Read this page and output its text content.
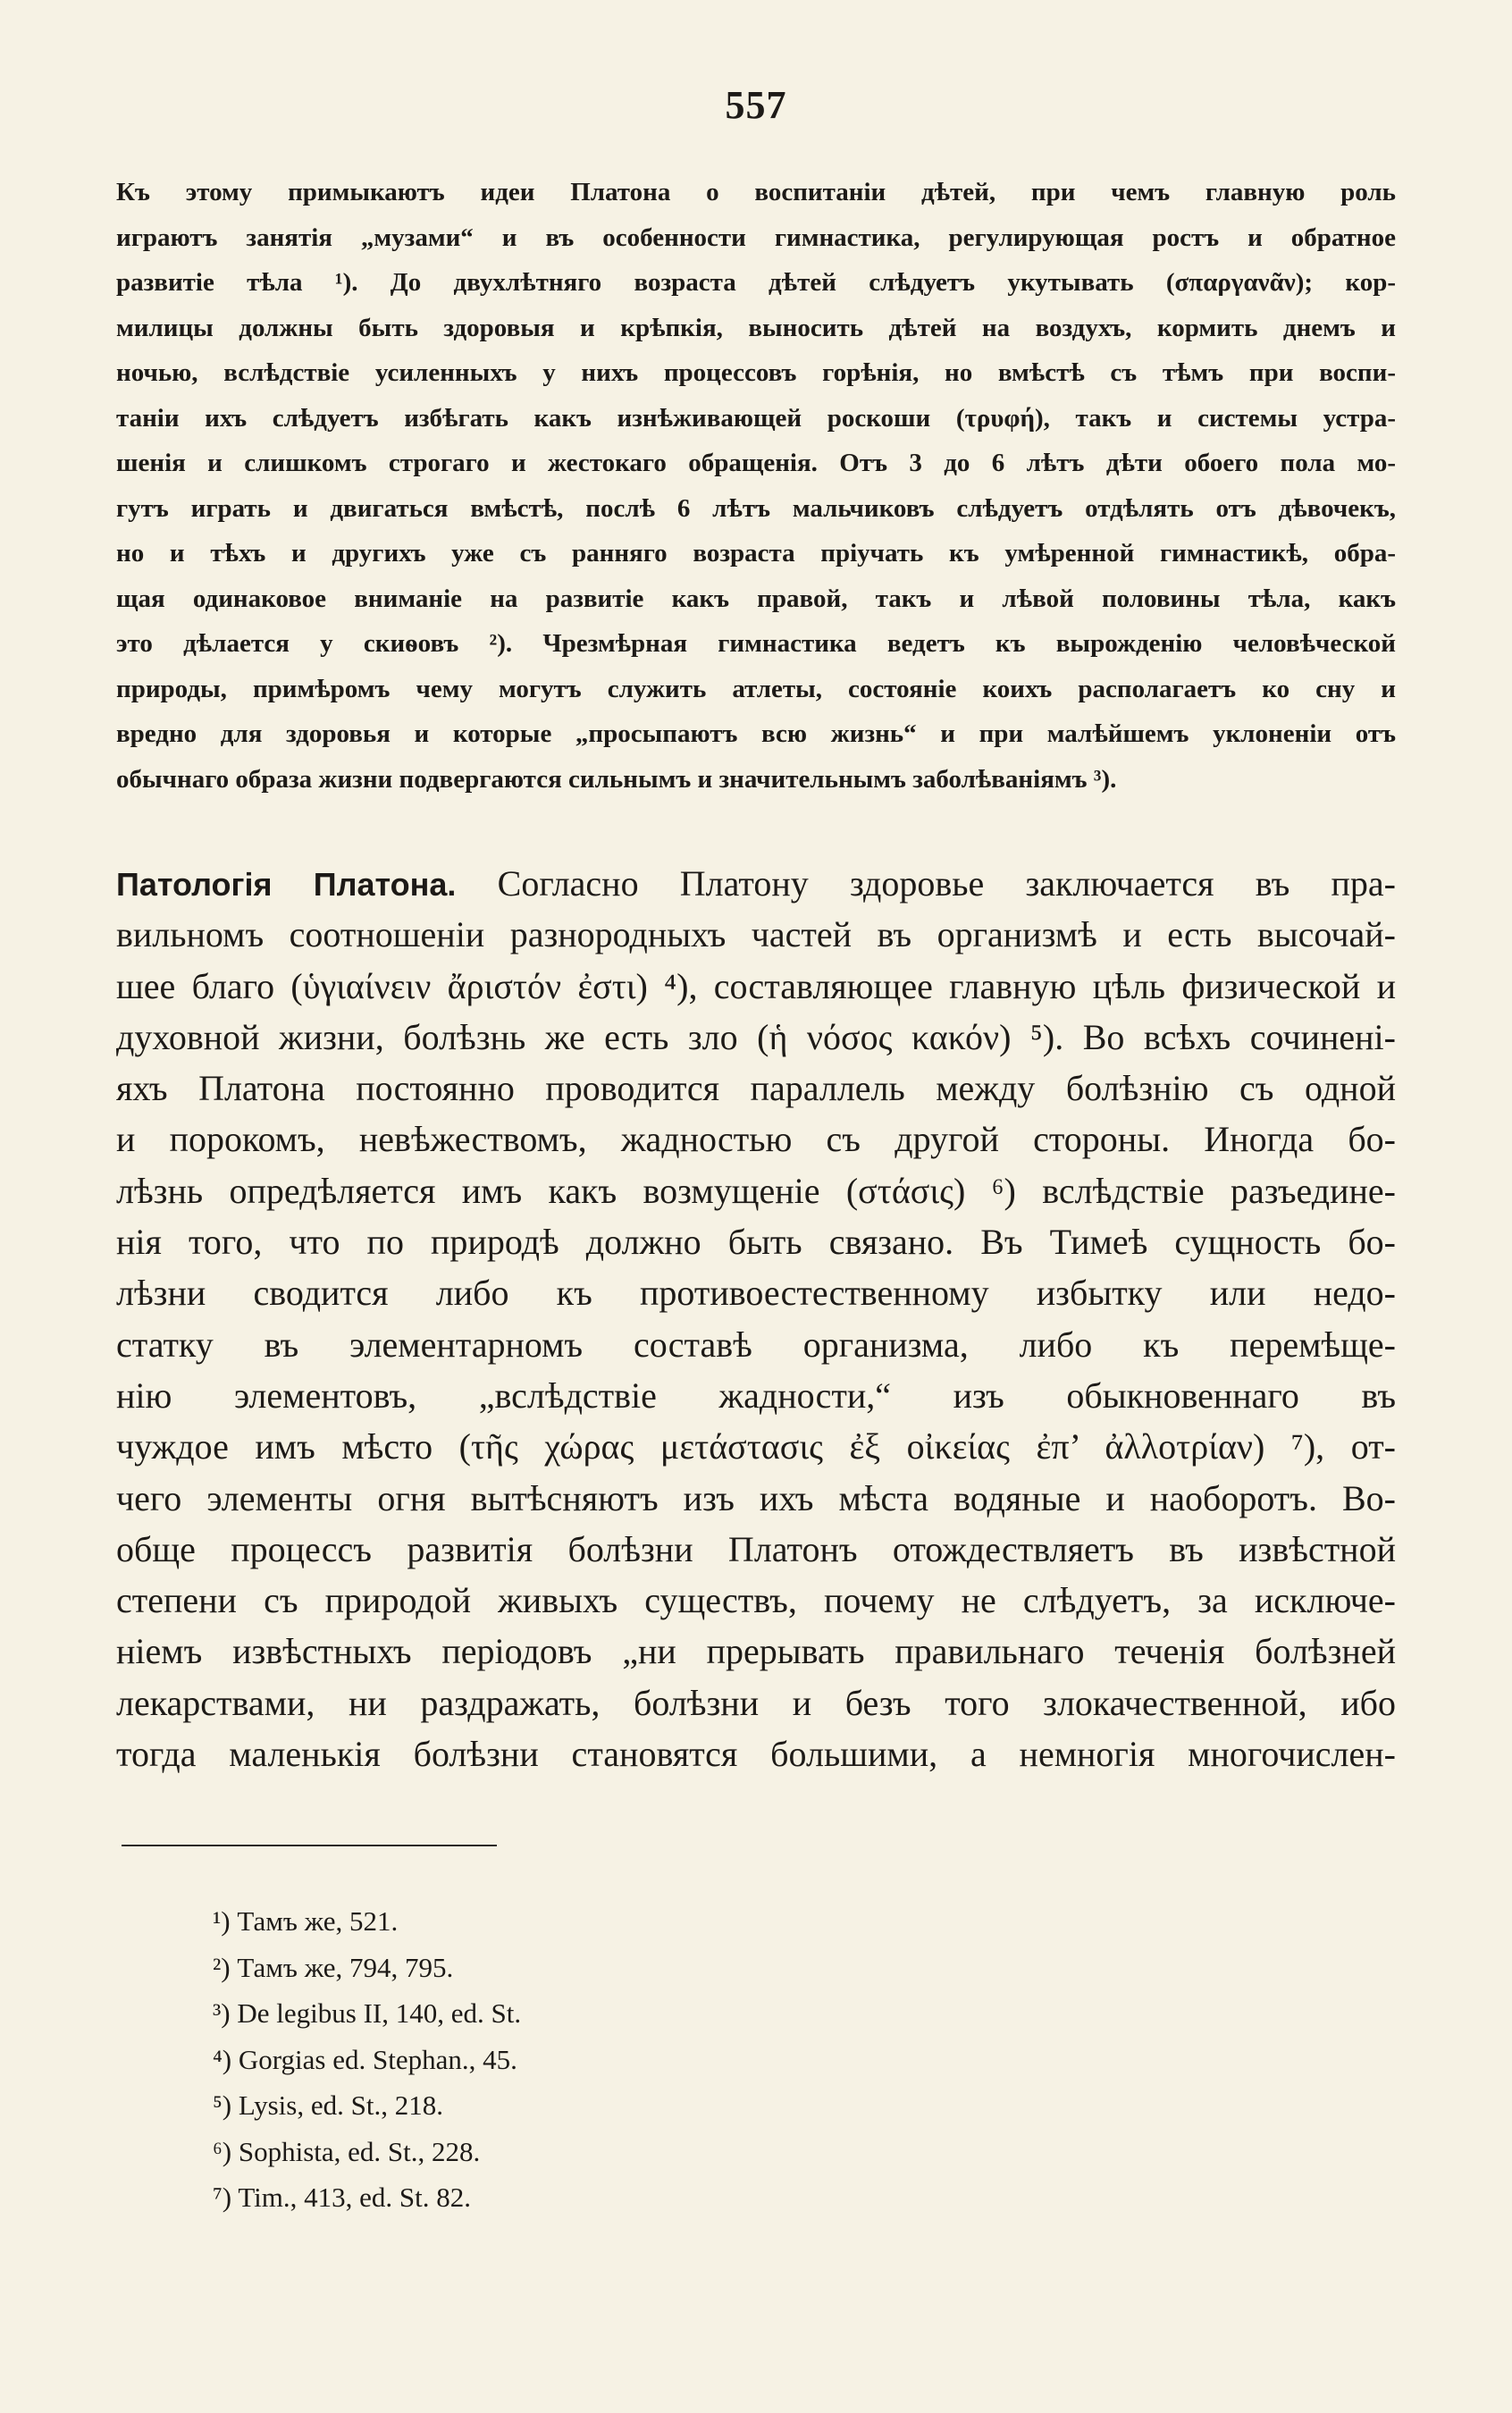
557
Къ этому примыкаютъ идеи Платона о воспитаніи дѣтей, при чемъ главную роль
играютъ занятія „музами“ и въ особенности гимнастика, регулирующая ростъ и обратное
развитіе тѣла ¹). До двухлѣтняго возраста дѣтей слѣдуетъ укутывать (σπαργανᾶν); кор-
милицы должны быть здоровыя и крѣпкія, выносить дѣтей на воздухъ, кормить днемъ и
ночью, вслѣдствіе усиленныхъ у нихъ процессовъ горѣнія, но вмѣстѣ съ тѣмъ при воспи-
таніи ихъ слѣдуетъ избѣгать какъ изнѣживающей роскоши (τρυφή), такъ и системы устра-
шенія и слишкомъ строгаго и жестокаго обращенія. Отъ 3 до 6 лѣтъ дѣти обоего пола мо-
гутъ играть и двигаться вмѣстѣ, послѣ 6 лѣтъ мальчиковъ слѣдуетъ отдѣлять отъ дѣвочекъ,
но и тѣхъ и другихъ уже съ ранняго возраста пріучать къ умѣренной гимнастикѣ, обра-
щая одинаковое вниманіе на развитіе какъ правой, такъ и лѣвой половины тѣла, какъ
это дѣлается у скиѳовъ ²). Чрезмѣрная гимнастика ведетъ къ вырожденію человѣческой
природы, примѣромъ чему могутъ служить атлеты, состояніе коихъ располагаетъ ко сну и
вредно для здоровья и которые „просыпаютъ всю жизнь“ и при малѣйшемъ уклоненіи отъ
обычнаго образа жизни подвергаются сильнымъ и значительнымъ заболѣваніямъ ³).
Патологія Платона. Согласно Платону здоровье заключается въ пра-
вильномъ соотношеніи разнородныхъ частей въ организмѣ и есть высочай-
шее благо (ὑγιαίνειν ἄριστόν ἐστι) ⁴), составляющее главную цѣль физической и
духовной жизни, болѣзнь же есть зло (ἡ νόσος κακόν) ⁵). Во всѣхъ сочинені-
яхъ Платона постоянно проводится параллель между болѣзнію съ одной
и порокомъ, невѣжествомъ, жадностью съ другой стороны. Иногда бо-
лѣзнь опредѣляется имъ какъ возмущеніе (στάσις) ⁶) вслѣдствіе разъедине-
нія того, что по природѣ должно быть связано. Въ Тимеѣ сущность бо-
лѣзни сводится либо къ противоестественному избытку или недо-
статку въ элементарномъ составѣ организма, либо къ перемѣще-
нію элементовъ, „вслѣдствіе жадности,“ изъ обыкновеннаго въ
чуждое имъ мѣсто (τῆς χώρας μετάστασις ἐξ οἰκείας ἐπ’ ἀλλοτρίαν) ⁷), от-
чего элементы огня вытѣсняютъ изъ ихъ мѣста водяные и наоборотъ. Во-
обще процессъ развитія болѣзни Платонъ отождествляетъ въ извѣстной
степени съ природой живыхъ существъ, почему не слѣдуетъ, за исключе-
ніемъ извѣстныхъ періодовъ „ни прерывать правильнаго теченія болѣзней
лекарствами, ни раздражать, болѣзни и безъ того злокачественной, ибо
тогда маленькія болѣзни становятся большими, а немногія многочислен-
¹) Тамъ же, 521.
²) Тамъ же, 794, 795.
³) De legibus II, 140, ed. St.
⁴) Gorgias ed. Stephan., 45.
⁵) Lysis, ed. St., 218.
⁶) Sophista, ed. St., 228.
⁷) Tim., 413, ed. St. 82.
